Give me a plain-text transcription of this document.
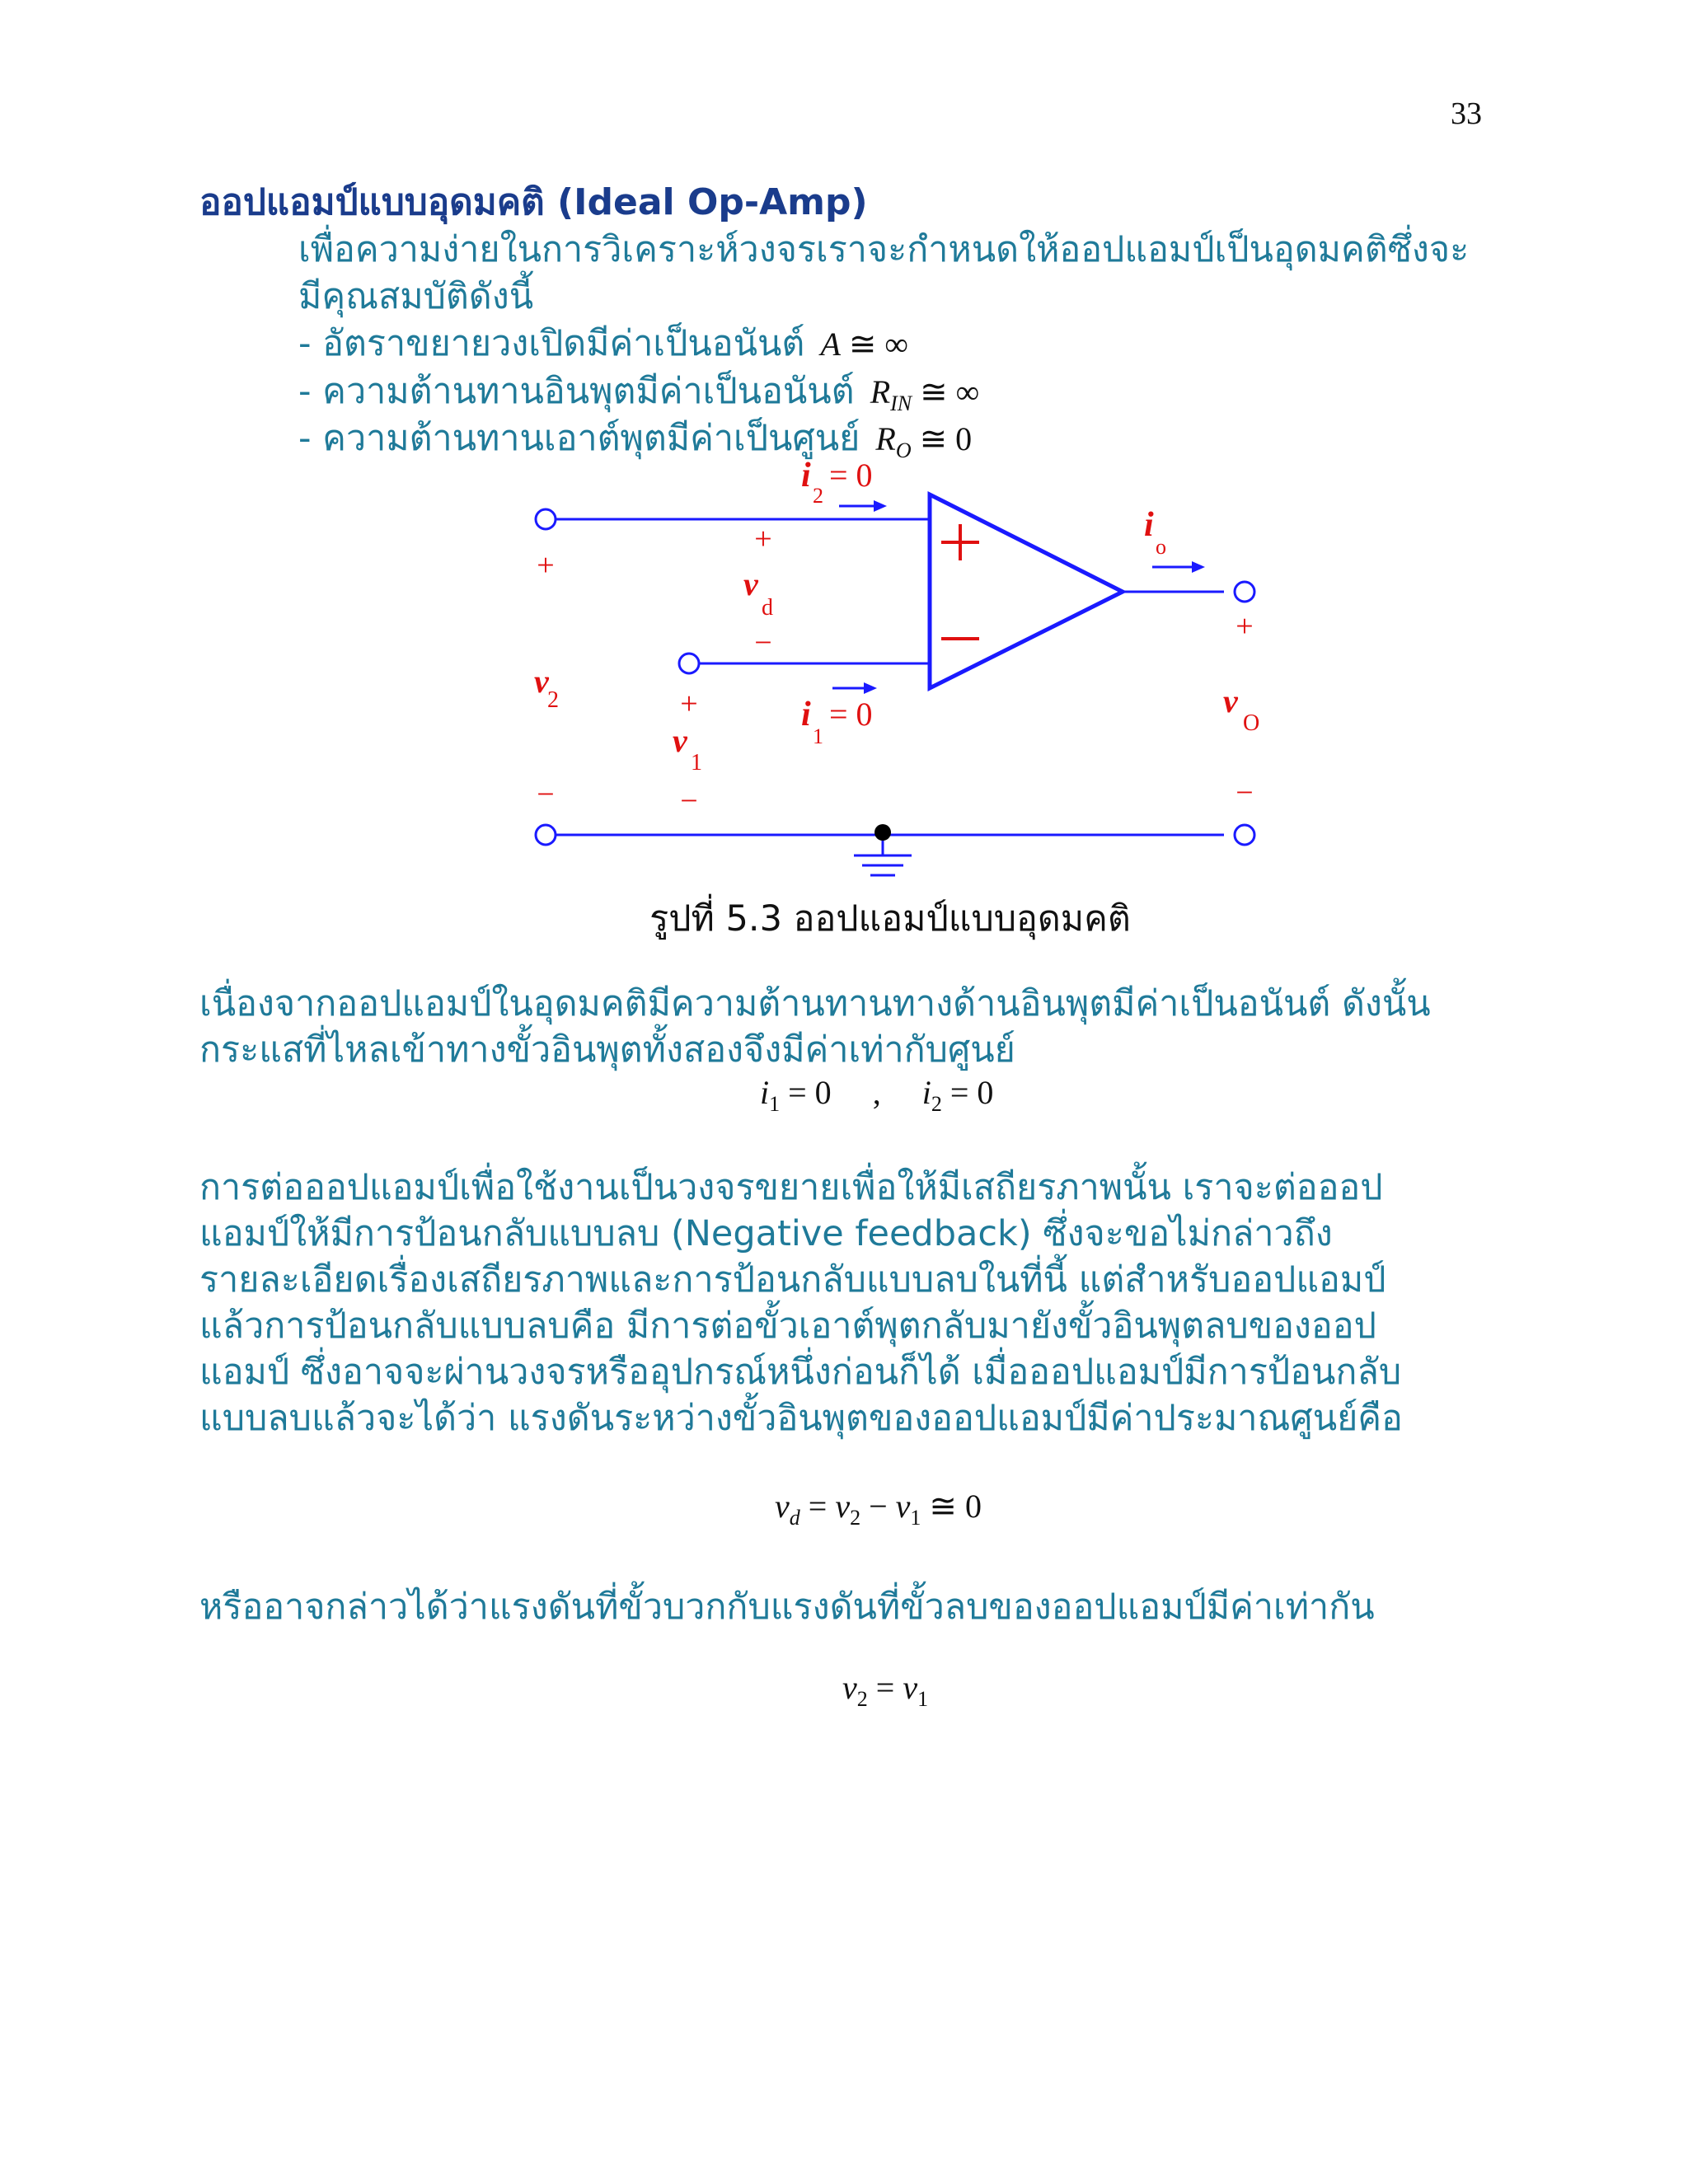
33
ออปแอมป์แบบอุดมคติ (Ideal Op-Amp)
เพื่อความง่ายในการวิเคราะห์วงจรเราจะกำหนดให้ออปแอมป์เป็นอุดมคติซึ่งจะ
มีคุณสมบัติดังนี้
- อัตราขยายวงเปิดมีค่าเป็นอนันต์ A ≅ ∞
- ความต้านทานอินพุตมีค่าเป็นอนันต์ $R_{IN}$ ≅ ∞
- ความต้านทานเอาต์พุตมีค่าเป็นศูนย์ $R_O$ ≅ 0
+
v
2
−
+
v
d
−
+
v
1
−
i
2
= 0
i
1
= 0
i
o
+
v
O
−
รูปที่ 5.3 ออปแอมป์แบบอุดมคติ
เนื่องจากออปแอมป์ในอุดมคติมีความต้านทานทางด้านอินพุตมีค่าเป็นอนันต์ ดังนั้น
กระแสที่ไหลเข้าทางขั้วอินพุตทั้งสองจึงมีค่าเท่ากับศูนย์
$i_1 = 0$ , $i_2 = 0$
การต่อออปแอมป์เพื่อใช้งานเป็นวงจรขยายเพื่อให้มีเสถียรภาพนั้น เราจะต่อออป
แอมป์ให้มีการป้อนกลับแบบลบ (Negative feedback) ซึ่งจะขอไม่กล่าวถึง
รายละเอียดเรื่องเสถียรภาพและการป้อนกลับแบบลบในที่นี้ แต่สำหรับออปแอมป์
แล้วการป้อนกลับแบบลบคือ มีการต่อขั้วเอาต์พุตกลับมายังขั้วอินพุตลบของออป
แอมป์ ซึ่งอาจจะผ่านวงจรหรืออุปกรณ์หนึ่งก่อนก็ได้ เมื่อออปแอมป์มีการป้อนกลับ
แบบลบแล้วจะได้ว่า แรงดันระหว่างขั้วอินพุตของออปแอมป์มีค่าประมาณศูนย์คือ
$v_d = v_2 - v_1$ ≅ 0
หรืออาจกล่าวได้ว่าแรงดันที่ขั้วบวกกับแรงดันที่ขั้วลบของออปแอมป์มีค่าเท่ากัน
$v_2 = v_1$
